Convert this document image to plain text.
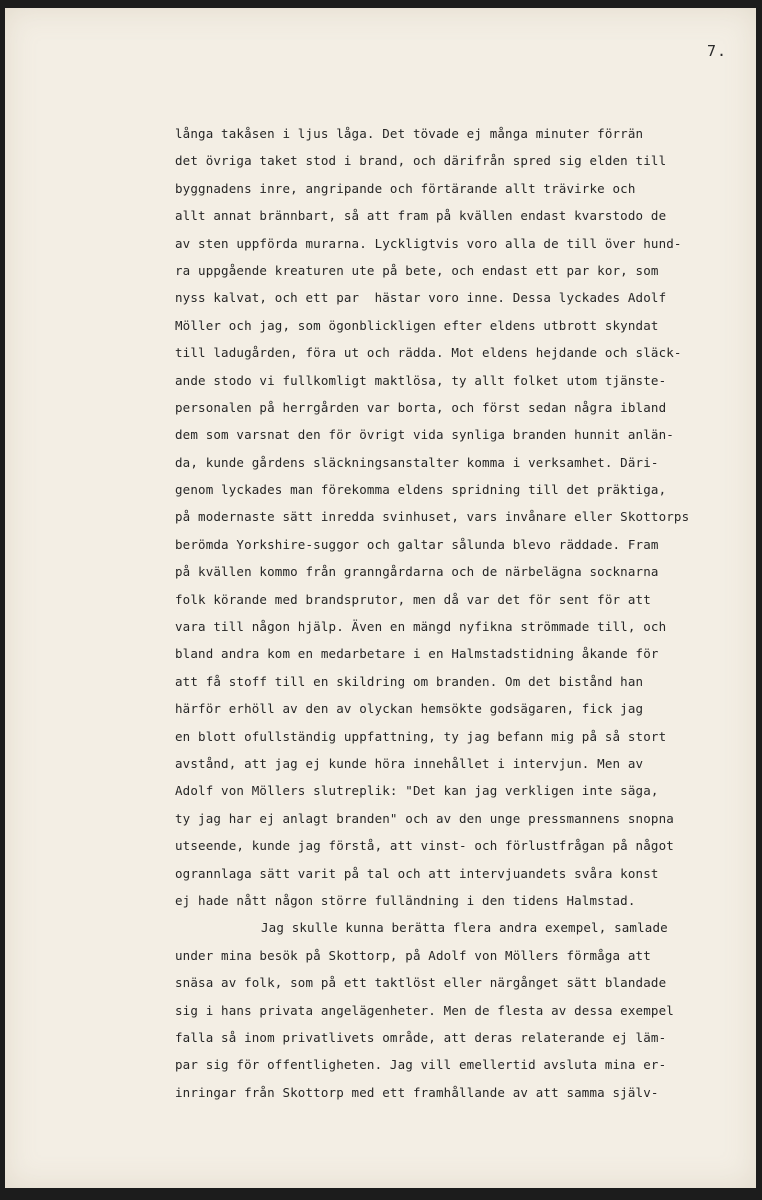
7.
långa takåsen i ljus låga. Det tövade ej många minuter förrän
det övriga taket stod i brand, och därifrån spred sig elden till
byggnadens inre, angripande och förtärande allt trävirke och
allt annat brännbart, så att fram på kvällen endast kvarstodo de
av sten uppförda murarna. Lyckligtvis voro alla de till över hund-
ra uppgående kreaturen ute på bete, och endast ett par kor, som
nyss kalvat, och ett par  hästar voro inne. Dessa lyckades Adolf
Möller och jag, som ögonblickligen efter eldens utbrott skyndat
till ladugården, föra ut och rädda. Mot eldens hejdande och släck-
ande stodo vi fullkomligt maktlösa, ty allt folket utom tjänste-
personalen på herrgården var borta, och först sedan några ibland
dem som varsnat den för övrigt vida synliga branden hunnit anlän-
da, kunde gårdens släckningsanstalter komma i verksamhet. Däri-
genom lyckades man förekomma eldens spridning till det präktiga,
på modernaste sätt inredda svinhuset, vars invånare eller Skottorps
berömda Yorkshire-suggor och galtar sålunda blevo räddade. Fram
på kvällen kommo från granngårdarna och de närbelägna socknarna
folk körande med brandsprutor, men då var det för sent för att
vara till någon hjälp. Även en mängd nyfikna strömmade till, och
bland andra kom en medarbetare i en Halmstadstidning åkande för
att få stoff till en skildring om branden. Om det bistånd han
härför erhöll av den av olyckan hemsökte godsägaren, fick jag
en blott ofullständig uppfattning, ty jag befann mig på så stort
avstånd, att jag ej kunde höra innehållet i intervjun. Men av
Adolf von Möllers slutreplik: "Det kan jag verkligen inte säga,
ty jag har ej anlagt branden" och av den unge pressmannens snopna
utseende, kunde jag förstå, att vinst- och förlustfrågan på något
ogrannlaga sätt varit på tal och att intervjuandets svåra konst
ej hade nått någon större fulländning i den tidens Halmstad.
Jag skulle kunna berätta flera andra exempel, samlade
under mina besök på Skottorp, på Adolf von Möllers förmåga att
snäsa av folk, som på ett taktlöst eller närgånget sätt blandade
sig i hans privata angelägenheter. Men de flesta av dessa exempel
falla så inom privatlivets område, att deras relaterande ej läm-
par sig för offentligheten. Jag vill emellertid avsluta mina er-
inringar från Skottorp med ett framhållande av att samma själv-
